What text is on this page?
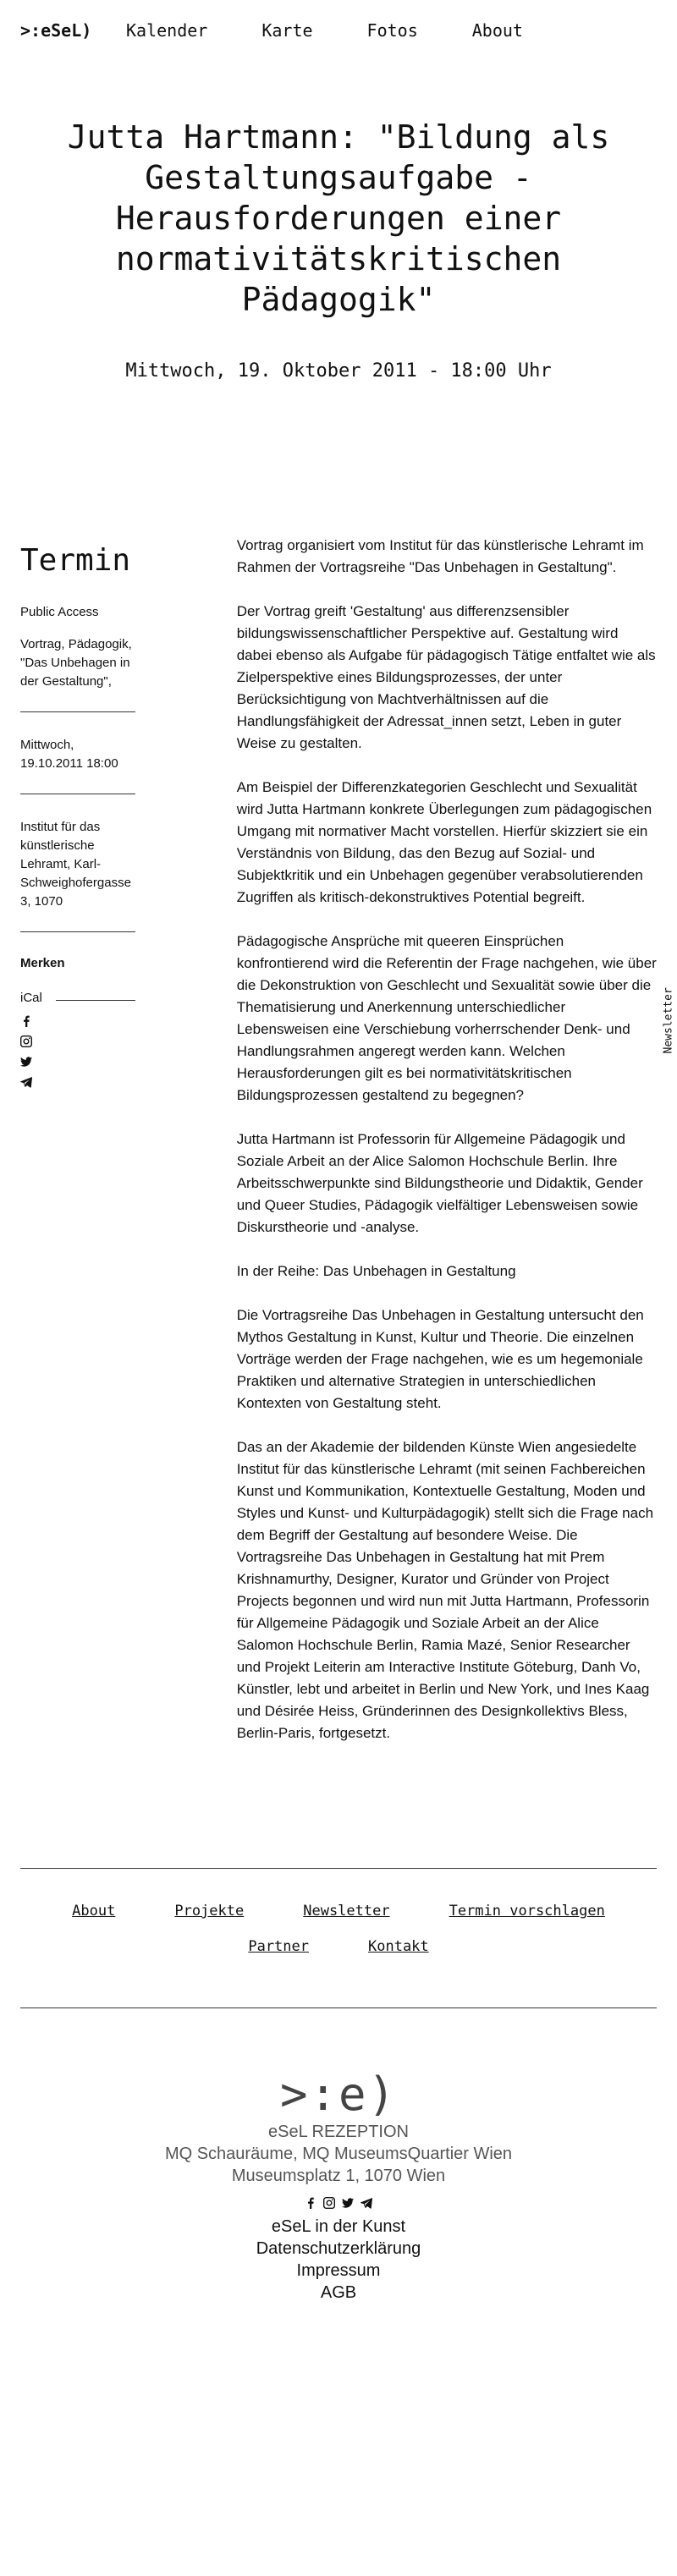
>:eSeL)	Kalender	Karte	Fotos	About
Jutta Hartmann: "Bildung als Gestaltungsaufgabe - Herausforderungen einer normativitätskritischen Pädagogik"
Mittwoch, 19. Oktober 2011 - 18:00 Uhr
Termin
Public Access
Vortrag, Pädagogik, "Das Unbehagen in der Gestaltung",
Mittwoch, 19.10.2011 18:00
Institut für das künstlerische Lehramt, Karl-Schweighofergasse 3, 1070
Merken
iCal

Vortrag organisiert vom Institut für das künstlerische Lehramt im Rahmen der Vortragsreihe "Das Unbehagen in Gestaltung".

Der Vortrag greift 'Gestaltung' aus differenzsensibler bildungswissenschaftlicher Perspektive auf. Gestaltung wird dabei ebenso als Aufgabe für pädagogisch Tätige entfaltet wie als Zielperspektive eines Bildungsprozesses, der unter Berücksichtigung von Machtverhältnissen auf die Handlungsfähigkeit der Adressat_innen setzt, Leben in guter Weise zu gestalten.

Am Beispiel der Differenzkategorien Geschlecht und Sexualität wird Jutta Hartmann konkrete Überlegungen zum pädagogischen Umgang mit normativer Macht vorstellen. Hierfür skizziert sie ein Verständnis von Bildung, das den Bezug auf Sozial- und Subjektkritik und ein Unbehagen gegenüber verabsolutierenden Zugriffen als kritisch-dekonstruktives Potential begreift.

Pädagogische Ansprüche mit queeren Einsprüchen konfrontierend wird die Referentin der Frage nachgehen, wie über die Dekonstruktion von Geschlecht und Sexualität sowie über die Thematisierung und Anerkennung unterschiedlicher Lebensweisen eine Verschiebung vorherrschender Denk- und Handlungsrahmen angeregt werden kann. Welchen Herausforderungen gilt es bei normativitätskritischen Bildungsprozessen gestaltend zu begegnen?

Jutta Hartmann ist Professorin für Allgemeine Pädagogik und Soziale Arbeit an der Alice Salomon Hochschule Berlin. Ihre Arbeitsschwerpunkte sind Bildungstheorie und Didaktik, Gender und Queer Studies, Pädagogik vielfältiger Lebensweisen sowie Diskurstheorie und -analyse.

In der Reihe: Das Unbehagen in Gestaltung

Die Vortragsreihe Das Unbehagen in Gestaltung untersucht den Mythos Gestaltung in Kunst, Kultur und Theorie. Die einzelnen Vorträge werden der Frage nachgehen, wie es um hegemoniale Praktiken und alternative Strategien in unterschiedlichen Kontexten von Gestaltung steht.

Das an der Akademie der bildenden Künste Wien angesiedelte Institut für das künstlerische Lehramt (mit seinen Fachbereichen Kunst und Kommunikation, Kontextuelle Gestaltung, Moden und Styles und Kunst- und Kulturpädagogik) stellt sich die Frage nach dem Begriff der Gestaltung auf besondere Weise. Die Vortragsreihe Das Unbehagen in Gestaltung hat mit Prem Krishnamurthy, Designer, Kurator und Gründer von Project Projects begonnen und wird nun mit Jutta Hartmann, Professorin für Allgemeine Pädagogik und Soziale Arbeit an der Alice Salomon Hochschule Berlin, Ramia Mazé, Senior Researcher und Projekt Leiterin am Interactive Institute Göteburg, Danh Vo, Künstler, lebt und arbeitet in Berlin und New York, und Ines Kaag und Désirée Heiss, Gründerinnen des Designkollektivs Bless, Berlin-Paris, fortgesetzt.

Newsletter
About	Projekte	Newsletter	Termin vorschlagen
Partner	Kontakt
>:e)
eSeL REZEPTION
MQ Schauräume, MQ MuseumsQuartier Wien
Museumsplatz 1, 1070 Wien
eSeL in der Kunst
Datenschutzerklärung
Impressum
AGB
